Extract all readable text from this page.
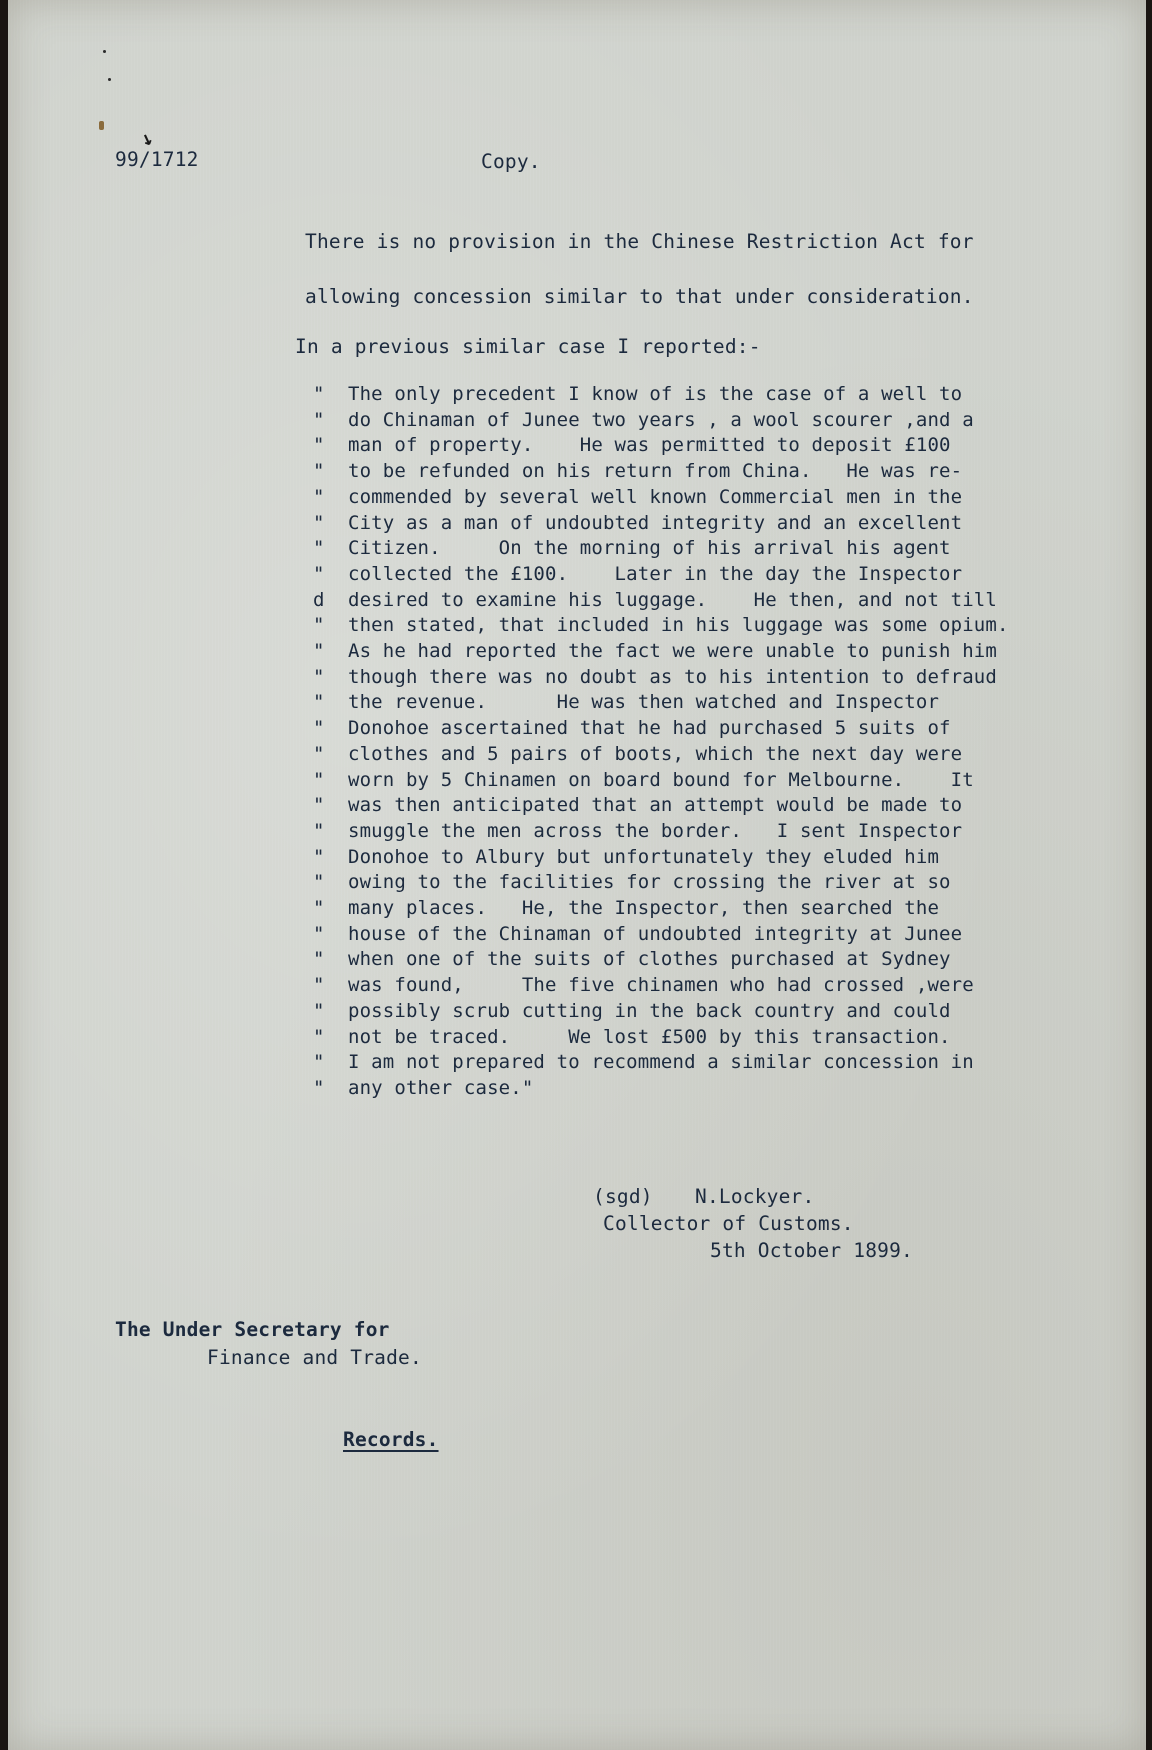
↘
99/1712	Copy.
There is no provision in the Chinese Restriction Act for
allowing concession similar to that under consideration.
In a previous similar case I reported:-
" The only precedent I know of is the case of a well to
" do Chinaman of Junee two years , a wool scourer ,and a
" man of property.    He was permitted to deposit £100
" to be refunded on his return from China.   He was re-
" commended by several well known Commercial men in the
" City as a man of undoubted integrity and an excellent
" Citizen.     On the morning of his arrival his agent
" collected the £100.    Later in the day the Inspector
d desired to examine his luggage.    He then, and not till
" then stated, that included in his luggage was some opium.
" As he had reported the fact we were unable to punish him
" though there was no doubt as to his intention to defraud
" the revenue.      He was then watched and Inspector
" Donohoe ascertained that he had purchased 5 suits of
" clothes and 5 pairs of boots, which the next day were
" worn by 5 Chinamen on board bound for Melbourne.    It
" was then anticipated that an attempt would be made to
" smuggle the men across the border.   I sent Inspector
" Donohoe to Albury but unfortunately they eluded him
" owing to the facilities for crossing the river at so
" many places.   He, the Inspector, then searched the
" house of the Chinaman of undoubted integrity at Junee
" when one of the suits of clothes purchased at Sydney
" was found,     The five chinamen who had crossed ,were
" possibly scrub cutting in the back country and could
" not be traced.     We lost £500 by this transaction.
" I am not prepared to recommend a similar concession in
" any other case."
(sgd) N.Lockyer.
Collector of Customs.
5th October 1899.
The Under Secretary for
Finance and Trade.
Records.
